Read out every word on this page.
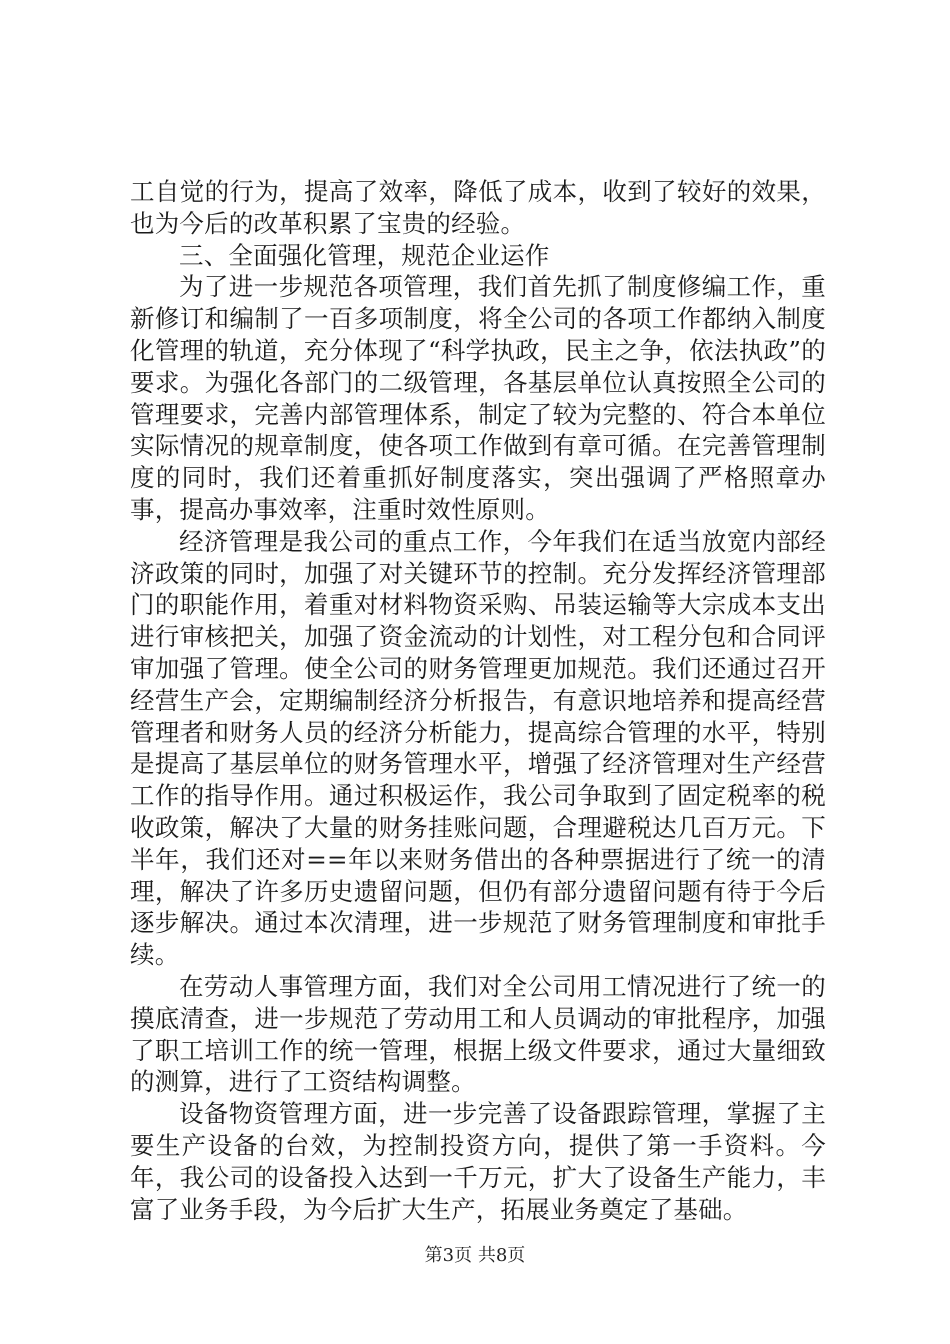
工自觉的行为，提高了效率，降低了成本，收到了较好的效果，也为今后的改革积累了宝贵的经验。

三、全面强化管理，规范企业运作

为了进一步规范各项管理，我们首先抓了制度修编工作，重新修订和编制了一百多项制度，将全公司的各项工作都纳入制度化管理的轨道，充分体现了“科学执政，民主之争，依法执政”的要求。为强化各部门的二级管理，各基层单位认真按照全公司的管理要求，完善内部管理体系，制定了较为完整的、符合本单位实际情况的规章制度，使各项工作做到有章可循。在完善管理制度的同时，我们还着重抓好制度落实，突出强调了严格照章办事，提高办事效率，注重时效性原则。

经济管理是我公司的重点工作，今年我们在适当放宽内部经济政策的同时，加强了对关键环节的控制。充分发挥经济管理部门的职能作用，着重对材料物资采购、吊装运输等大宗成本支出进行审核把关，加强了资金流动的计划性，对工程分包和合同评审加强了管理。使全公司的财务管理更加规范。我们还通过召开经营生产会，定期编制经济分析报告，有意识地培养和提高经营管理者和财务人员的经济分析能力，提高综合管理的水平，特别是提高了基层单位的财务管理水平，增强了经济管理对生产经营工作的指导作用。通过积极运作，我公司争取到了固定税率的税收政策，解决了大量的财务挂账问题，合理避税达几百万元。下半年，我们还对==年以来财务借出的各种票据进行了统一的清理，解决了许多历史遗留问题，但仍有部分遗留问题有待于今后逐步解决。通过本次清理，进一步规范了财务管理制度和审批手续。

在劳动人事管理方面，我们对全公司用工情况进行了统一的摸底清查，进一步规范了劳动用工和人员调动的审批程序，加强了职工培训工作的统一管理，根据上级文件要求，通过大量细致的测算，进行了工资结构调整。

设备物资管理方面，进一步完善了设备跟踪管理，掌握了主要生产设备的台效，为控制投资方向，提供了第一手资料。今年，我公司的设备投入达到一千万元，扩大了设备生产能力，丰富了业务手段，为今后扩大生产，拓展业务奠定了基础。

第3页 共8页
